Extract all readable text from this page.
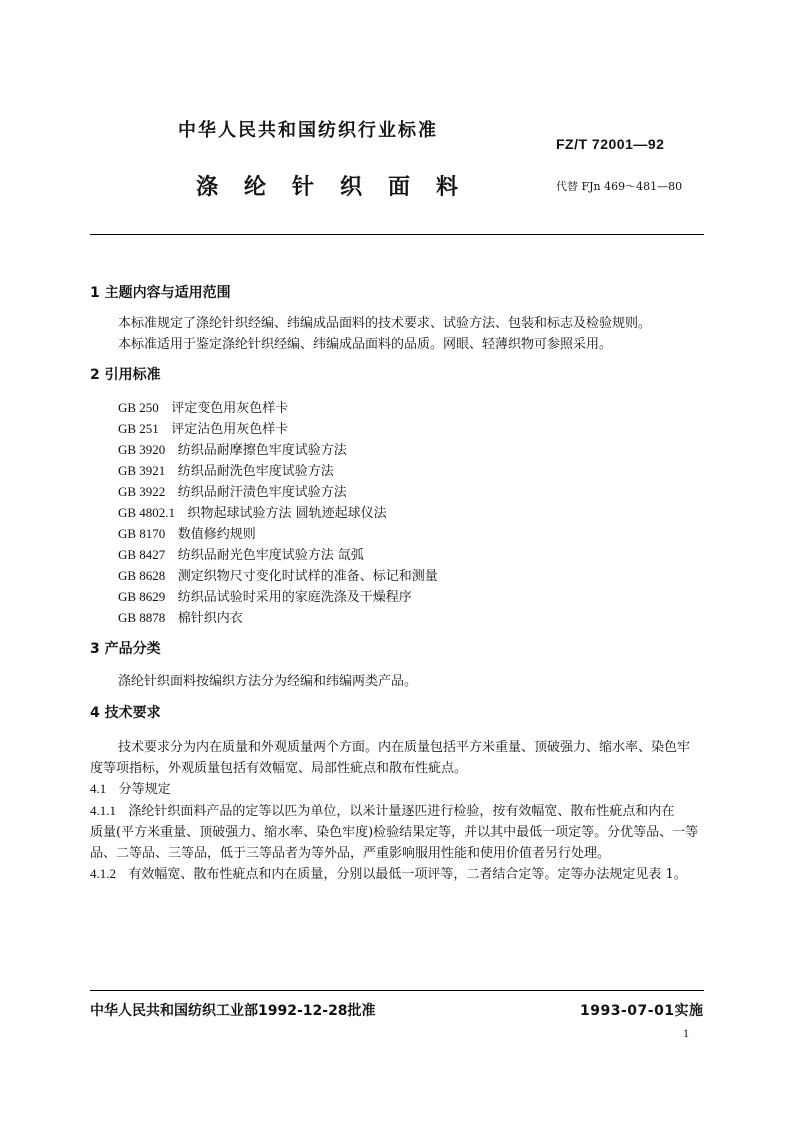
中华人民共和国纺织行业标准
FZ/T 72001—92
涤纶针织面料	代替 FJn 469～481—80
1 主题内容与适用范围
本标准规定了涤纶针织经编、纬编成品面料的技术要求、试验方法、包装和标志及检验规则。
本标准适用于鉴定涤纶针织经编、纬编成品面料的品质。网眼、轻薄织物可参照采用。
2 引用标准
GB 250 评定变色用灰色样卡
GB 251 评定沾色用灰色样卡
GB 3920 纺织品耐摩擦色牢度试验方法
GB 3921 纺织品耐洗色牢度试验方法
GB 3922 纺织品耐汗渍色牢度试验方法
GB 4802.1 织物起球试验方法 圆轨迹起球仪法
GB 8170 数值修约规则
GB 8427 纺织品耐光色牢度试验方法 氙弧
GB 8628 测定织物尺寸变化时试样的准备、标记和测量
GB 8629 纺织品试验时采用的家庭洗涤及干燥程序
GB 8878 棉针织内衣
3 产品分类
涤纶针织面料按编织方法分为经编和纬编两类产品。
4 技术要求
技术要求分为内在质量和外观质量两个方面。内在质量包括平方米重量、顶破强力、缩水率、染色牢
度等项指标，外观质量包括有效幅宽、局部性疵点和散布性疵点。
4.1 分等规定
4.1.1 涤纶针织面料产品的定等以匹为单位，以米计量逐匹进行检验，按有效幅宽、散布性疵点和内在
质量(平方米重量、顶破强力、缩水率、染色牢度)检验结果定等，并以其中最低一项定等。分优等品、一等
品、二等品、三等品，低于三等品者为等外品，严重影响服用性能和使用价值者另行处理。
4.1.2 有效幅宽、散布性疵点和内在质量，分别以最低一项评等，二者结合定等。定等办法规定见表 1。
中华人民共和国纺织工业部1992-12-28批准	1993-07-01实施
1
